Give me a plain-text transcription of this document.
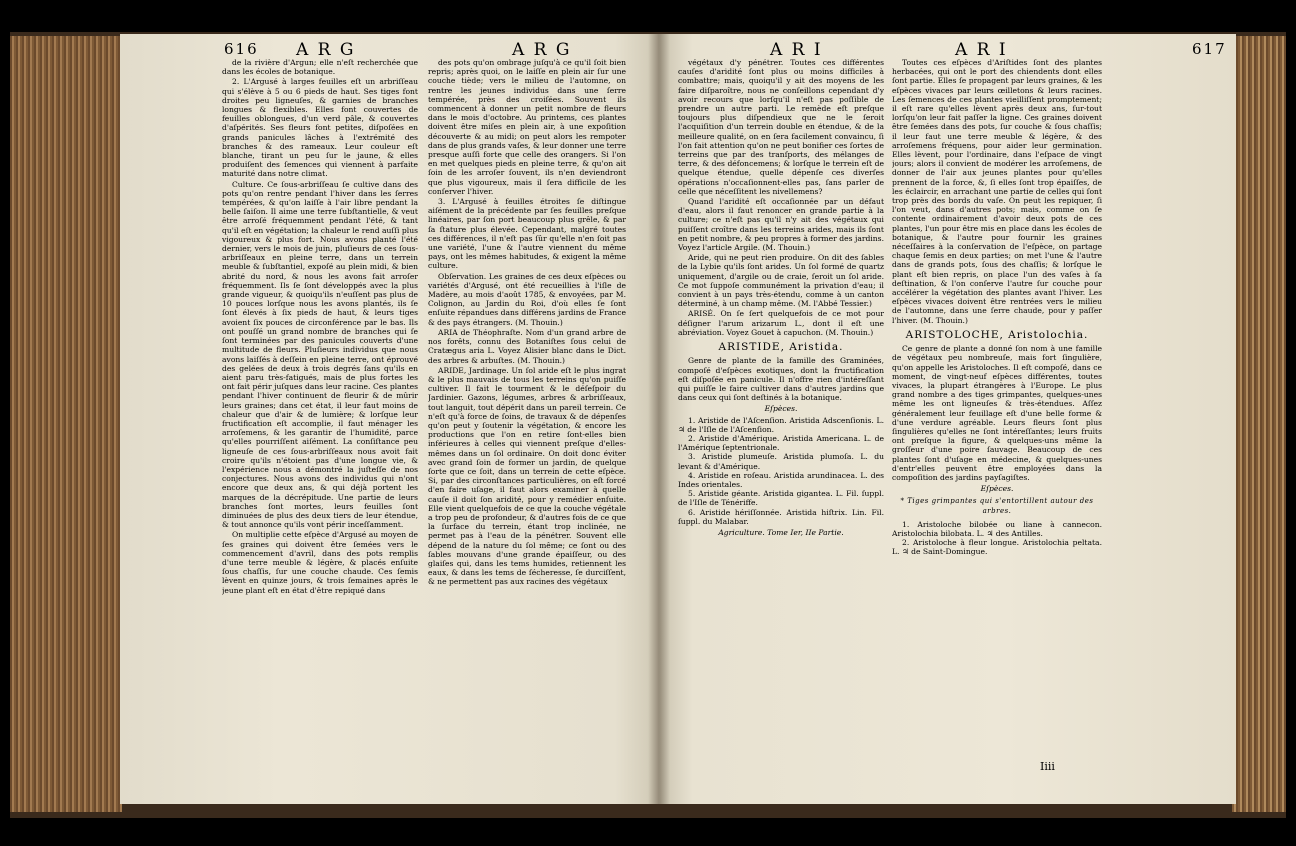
616 A R G	A R G	A R I	A R I	617

de la rivière d'Argun; elle n'eſt recherchée que dans les écoles de botanique.

2. L'Argusé à larges feuilles eſt un arbriſſeau qui s'élève à 5 ou 6 pieds de haut. Ses tiges font droites peu ligneuſes, & garnies de branches longues & flexibles. Elles font couvertes de feuilles oblongues, d'un verd pâle, & couvertes d'aſpérités. Ses fleurs font petites, diſpoſées en grands panicules lâches à l'extrémité des branches & des rameaux. Leur couleur eſt blanche, tirant un peu ſur le jaune, & elles produiſent des ſemences qui viennent à parfaite maturité dans notre climat.

Culture. Ce ſous-arbriſſeau ſe cultive dans des pots qu'on rentre pendant l'hiver dans les ſerres tempérées, & qu'on laiſſe à l'air libre pendant la belle ſaiſon. Il aime une terre ſubſtantielle, & veut être arroſé fréquemment pendant l'été, & tant qu'il eſt en végétation; la chaleur le rend auſſi plus vigoureux & plus fort. Nous avons planté l'été dernier, vers le mois de juin, pluſieurs de ces ſous-arbriſſeaux en pleine terre, dans un terrein meuble & ſubſtantiel, expoſé au plein midi, & bien abrité du nord, & nous les avons fait arroſer fréquemment. Ils ſe ſont développés avec la plus grande vigueur, & quoiqu'ils n'euſſent pas plus de 10 pouces lorſque nous les avons plantés, ils ſe ſont élevés à ſix pieds de haut, & leurs tiges avoient ſix pouces de circonférence par le bas. Ils ont pouſſé un grand nombre de branches qui ſe ſont terminées par des panicules couverts d'une multitude de fleurs. Pluſieurs individus que nous avons laiſſés à deſſein en pleine terre, ont éprouvé des gelées de deux à trois degrés ſans qu'ils en aient paru très-fatigués, mais de plus fortes les ont fait périr juſques dans leur racine. Ces plantes pendant l'hiver continuent de fleurir & de mûrir leurs graines; dans cet état, il leur faut moins de chaleur que d'air & de lumière; & lorſque leur fructification eſt accomplie, il faut ménager les arroſemens, & les garantir de l'humidité, parce qu'elles pourriſſent aiſément. La conſiſtance peu ligneuſe de ces ſous-arbriſſeaux nous avoit fait croire qu'ils n'étoient pas d'une longue vie, & l'expérience nous a démontré la juſteſſe de nos conjectures. Nous avons des individus qui n'ont encore que deux ans, & qui déjà portent les marques de la décrépitude. Une partie de leurs branches ſont mortes, leurs feuilles ſont diminuées de plus des deux tiers de leur étendue, & tout annonce qu'ils vont périr inceſſamment.

On multiplie cette eſpèce d'Argusé au moyen de ſes graines qui doivent être ſemées vers le commencement d'avril, dans des pots remplis d'une terre meuble & légère, & placés enſuite ſous chaſſis, ſur une couche chaude. Ces ſemis lèvent en quinze jours, & trois ſemaines après le jeune plant eſt en état d'être repiqué dans

des pots qu'on ombrage juſqu'à ce qu'il ſoit bien repris; après quoi, on le laiſſe en plein air ſur une couche tiède; vers le milieu de l'automne, on rentre les jeunes individus dans une ſerre tempérée, près des croiſées. Souvent ils commencent à donner un petit nombre de fleurs dans le mois d'octobre. Au printems, ces plantes doivent être miſes en plein air, à une expoſition découverte & au midi; on peut alors les rempoter dans de plus grands vaſes, & leur donner une terre presque auſſi forte que celle des orangers. Si l'on en met quelques pieds en pleine terre, & qu'on ait ſoin de les arroſer ſouvent, ils n'en deviendront que plus vigoureux, mais il ſera difficile de les conſerver l'hiver.

3. L'Argusé à feuilles étroites ſe diſtingue aiſément de la précédente par ſes feuilles preſque linéaires, par ſon port beaucoup plus grêle, & par ſa ſtature plus élevée. Cependant, malgré toutes ces différences, il n'eſt pas ſûr qu'elle n'en ſoit pas une variété, l'une & l'autre viennent du même pays, ont les mêmes habitudes, & exigent la même culture.

Obſervation. Les graines de ces deux eſpèces ou variétés d'Argusé, ont été recueillies à l'iſle de Madère, au mois d'août 1785, & envoyées, par M. Colignon, au Jardin du Roi, d'où elles ſe ſont enſuite répandues dans différens jardins de France & des pays étrangers. (M. Thouin.)

ARIA de Théophraſte. Nom d'un grand arbre de nos forêts, connu des Botaniſtes ſous celui de Cratægus aria L. Voyez Alisier blanc dans le Dict. des arbres & arbuſtes. (M. Thouin.)

ARIDE, Jardinage. Un ſol aride eſt le plus ingrat & le plus mauvais de tous les terreins qu'on puiſſe cultiver. Il fait le tourment & le déſeſpoir du Jardinier. Gazons, légumes, arbres & arbriſſeaux, tout languit, tout dépérit dans un pareil terrein. Ce n'eſt qu'à force de ſoins, de travaux & de dépenſes qu'on peut y ſoutenir la végétation, & encore les productions que l'on en retire ſont-elles bien inférieures à celles qui viennent preſque d'elles-mêmes dans un ſol ordinaire. On doit donc éviter avec grand ſoin de former un jardin, de quelque ſorte que ce ſoit, dans un terrein de cette eſpèce. Si, par des circonſtances particulières, on eſt forcé d'en faire uſage, il faut alors examiner à quelle cauſe il doit ſon aridité, pour y remédier enſuite. Elle vient quelquefois de ce que la couche végétale a trop peu de profondeur, & d'autres fois de ce que la ſurface du terrein, étant trop inclinée, ne permet pas à l'eau de la pénétrer. Souvent elle dépend de la nature du ſol même; ce ſont ou des ſables mouvans d'une grande épaiſſeur, ou des glaiſes qui, dans les tems humides, retiennent les eaux, & dans les tems de ſécheresse, ſe durciſſent, & ne permettent pas aux racines des végétaux

végétaux d'y pénétrer. Toutes ces différentes cauſes d'aridité ſont plus ou moins difficiles à combattre; mais, quoiqu'il y ait des moyens de les faire diſparoître, nous ne conſeillons cependant d'y avoir recours que lorſqu'il n'eſt pas poſſible de prendre un autre parti. Le remède eſt preſque toujours plus diſpendieux que ne le ſeroit l'acquiſition d'un terrein double en étendue, & de la meilleure qualité, on en ſera facilement convaincu, ſi l'on fait attention qu'on ne peut bonifier ces ſortes de terreins que par des tranſports, des mélanges de terre, & des défoncemens; & lorſque le terrein eſt de quelque étendue, quelle dépenſe ces diverſes opérations n'occaſionnent-elles pas, ſans parler de celle que néceſſitent les nivellemens?

Quand l'aridité eſt occaſionnée par un défaut d'eau, alors il faut renoncer en grande partie à la culture; ce n'eſt pas qu'il n'y ait des végétaux qui puiſſent croître dans les terreins arides, mais ils ſont en petit nombre, & peu propres à former des jardins. Voyez l'article Argile. (M. Thouin.)

Aride, qui ne peut rien produire. On dit des ſables de la Lybie qu'ils ſont arides. Un ſol formé de quartz uniquement, d'argile ou de craie, ſeroit un ſol aride. Ce mot ſuppoſe communément la privation d'eau; il convient à un pays très-étendu, comme à un canton déterminé, à un champ même. (M. l'Abbé Tessier.)

ARISÉ. On ſe ſert quelquefois de ce mot pour déſigner l'arum arizarum L., dont il eſt une abréviation. Voyez Gouet à capuchon. (M. Thouin.)

ARISTIDE, Aristida.

Genre de plante de la famille des Graminées, compoſé d'eſpèces exotiques, dont la fructification eſt diſpoſée en panicule. Il n'offre rien d'intéreſſant qui puiſſe le faire cultiver dans d'autres jardins que dans ceux qui ſont deſtinés à la botanique.

Eſpèces.

1. Aristide de l'Aſcenſion. Aristida Adscenſionis. L. ♃ de l'Iſle de l'Aſcenſion.

2. Aristide d'Amérique. Aristida Americana. L. de l'Amérique ſeptentrionale.

3. Aristide plumeuſe. Aristida plumoſa. L. du levant & d'Amérique.

4. Aristide en roſeau. Aristida arundinacea. L. des Indes orientales.

5. Aristide géante. Aristida gigantea. L. Fil. ſuppl. de l'Iſle de Ténériffe.

6. Aristide hériſſonnée. Aristida hiſtrix. Lin. Fil. ſuppl. du Malabar.

Agriculture. Tome Ier, IIe Partie.

Toutes ces eſpèces d'Ariſtides ſont des plantes herbacées, qui ont le port des chiendents dont elles ſont partie. Elles ſe propagent par leurs graines, & les eſpèces vivaces par leurs œilletons & leurs racines. Les ſemences de ces plantes vieilliſſent promptement; il eſt rare qu'elles lèvent après deux ans, ſur-tout lorſqu'on leur fait paſſer la ligne. Ces graines doivent être ſemées dans des pots, ſur couche & ſous chaſſis; il leur faut une terre meuble & légère, & des arroſemens fréquens, pour aider leur germination. Elles lèvent, pour l'ordinaire, dans l'eſpace de vingt jours; alors il convient de modérer les arroſemens, de donner de l'air aux jeunes plantes pour qu'elles prennent de la force, &, ſi elles ſont trop épaiſſes, de les éclaircir, en arrachant une partie de celles qui ſont trop près des bords du vaſe. On peut les repiquer, ſi l'on veut, dans d'autres pots; mais, comme on ſe contente ordinairement d'avoir deux pots de ces plantes, l'un pour être mis en place dans les écoles de botanique, & l'autre pour fournir les graines néceſſaires à la conſervation de l'eſpèce, on partage chaque ſemis en deux parties; on met l'une & l'autre dans de grands pots, ſous des chaſſis; & lorſque le plant eſt bien repris, on place l'un des vaſes à ſa deſtination, & l'on conſerve l'autre ſur couche pour accélérer la végétation des plantes avant l'hiver. Les eſpèces vivaces doivent être rentrées vers le milieu de l'automne, dans une ſerre chaude, pour y paſſer l'hiver. (M. Thouin.)

ARISTOLOCHE, Aristolochia.

Ce genre de plante a donné ſon nom à une famille de végétaux peu nombreuſe, mais fort ſingulière, qu'on appelle les Aristoloches. Il eſt compoſé, dans ce moment, de vingt-neuf eſpèces différentes, toutes vivaces, la plupart étrangères à l'Europe. Le plus grand nombre a des tiges grimpantes, quelques-unes même les ont ligneuſes & très-étendues. Aſſez généralement leur feuillage eſt d'une belle forme & d'une verdure agréable. Leurs fleurs ſont plus ſingulières qu'elles ne ſont intéreſſantes; leurs fruits ont preſque la figure, & quelques-uns même la groſſeur d'une poire ſauvage. Beaucoup de ces plantes ſont d'uſage en médecine, & quelques-unes d'entr'elles peuvent être employées dans la compoſition des jardins payſagiſtes.

Eſpèces.

* Tiges grimpantes qui s'entortillent autour des arbres.

1. Aristoloche bilobée ou liane à cannecon. Aristolochia bilobata. L. ♃ des Antilles.

2. Aristoloche à fleur longue. Aristolochia peltata. L. ♃ de Saint-Domingue.

Iiii
